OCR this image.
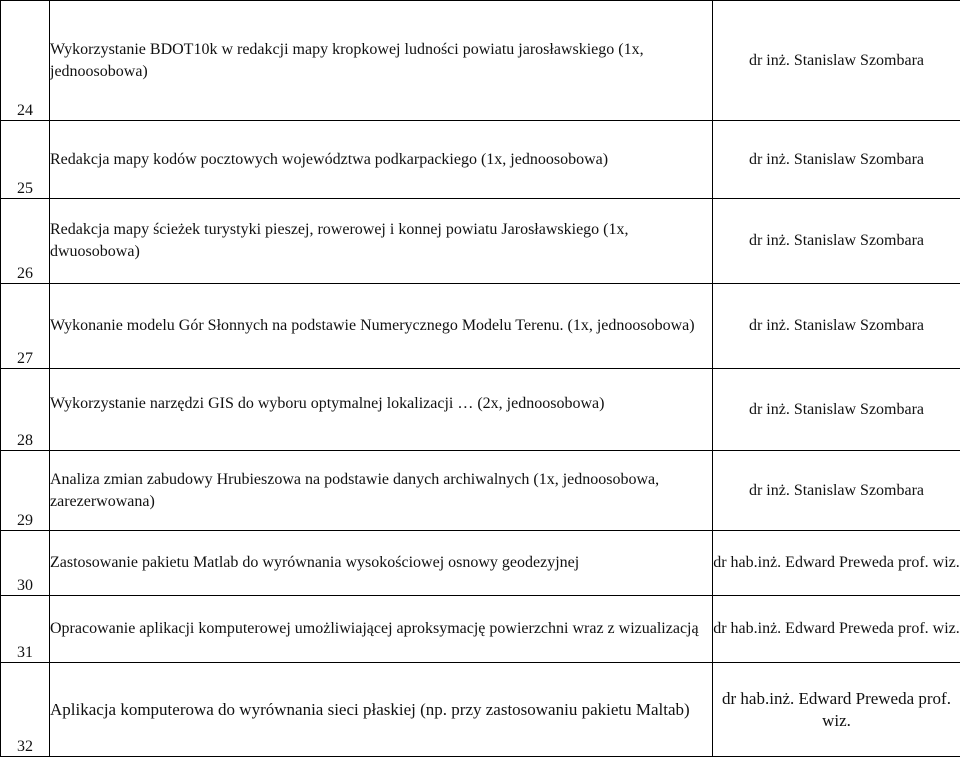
24	Wykorzystanie BDOT10k w redakcji mapy kropkowej ludności powiatu jarosławskiego (1x, jednoosobowa)	dr inż. Stanislaw Szombara
25	Redakcja mapy kodów pocztowych województwa podkarpackiego (1x, jednoosobowa)	dr inż. Stanislaw Szombara
26	Redakcja mapy ścieżek turystyki pieszej, rowerowej i konnej powiatu Jarosławskiego (1x, dwuosobowa)	dr inż. Stanislaw Szombara
27	Wykonanie modelu Gór Słonnych na podstawie Numerycznego Modelu Terenu. (1x, jednoosobowa)	dr inż. Stanislaw Szombara
28	Wykorzystanie narzędzi GIS do wyboru optymalnej lokalizacji … (2x, jednoosobowa)	dr inż. Stanislaw Szombara
29	Analiza zmian zabudowy Hrubieszowa na podstawie danych archiwalnych (1x, jednoosobowa, zarezerwowana)	dr inż. Stanislaw Szombara
30	Zastosowanie pakietu Matlab do wyrównania wysokościowej osnowy geodezyjnej	dr hab.inż. Edward Preweda prof. wiz.
31	Opracowanie aplikacji komputerowej umożliwiającej aproksymację powierzchni wraz z wizualizacją	dr hab.inż. Edward Preweda prof. wiz.
32	Aplikacja komputerowa do wyrównania sieci płaskiej (np. przy zastosowaniu pakietu Maltab)	dr hab.inż. Edward Preweda prof. wiz.
